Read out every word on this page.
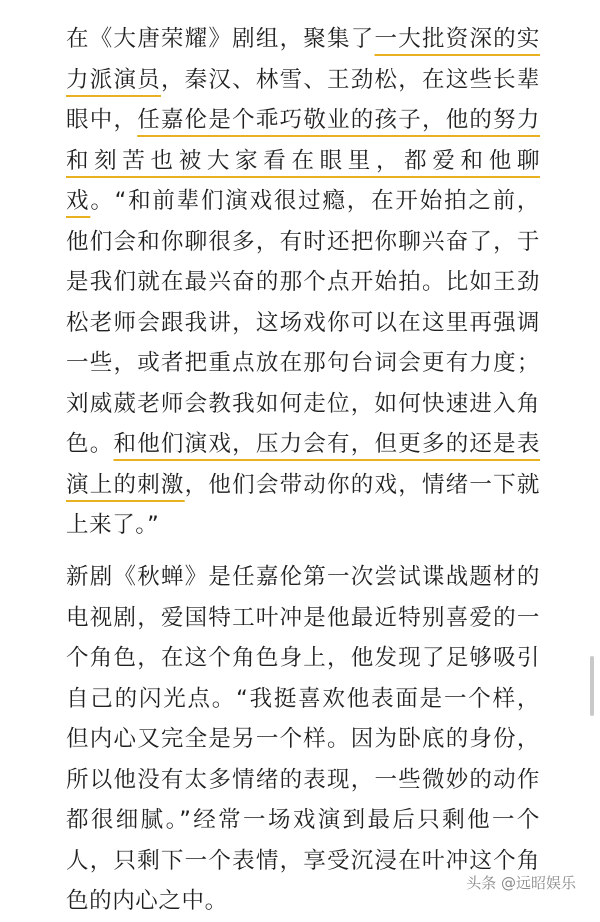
在《大唐荣耀》剧组，聚集了一大批资深的实力派演员，秦汉、林雪、王劲松，在这些长辈眼中，任嘉伦是个乖巧敬业的孩子，他的努力和刻苦也被大家看在眼里，都爱和他聊戏。“和前辈们演戏很过瘾，在开始拍之前，他们会和你聊很多，有时还把你聊兴奋了，于是我们就在最兴奋的那个点开始拍。比如王劲松老师会跟我讲，这场戏你可以在这里再强调一些，或者把重点放在那句台词会更有力度；刘威葳老师会教我如何走位，如何快速进入角色。和他们演戏，压力会有，但更多的还是表演上的刺激，他们会带动你的戏，情绪一下就上来了。”
新剧《秋蝉》是任嘉伦第一次尝试谍战题材的电视剧，爱国特工叶冲是他最近特别喜爱的一个角色，在这个角色身上，他发现了足够吸引自己的闪光点。“我挺喜欢他表面是一个样，但内心又完全是另一个样。因为卧底的身份，所以他没有太多情绪的表现，一些微妙的动作都很细腻。”经常一场戏演到最后只剩他一个人，只剩下一个表情，享受沉浸在叶冲这个角色的内心之中。
头条 @远昭娱乐
